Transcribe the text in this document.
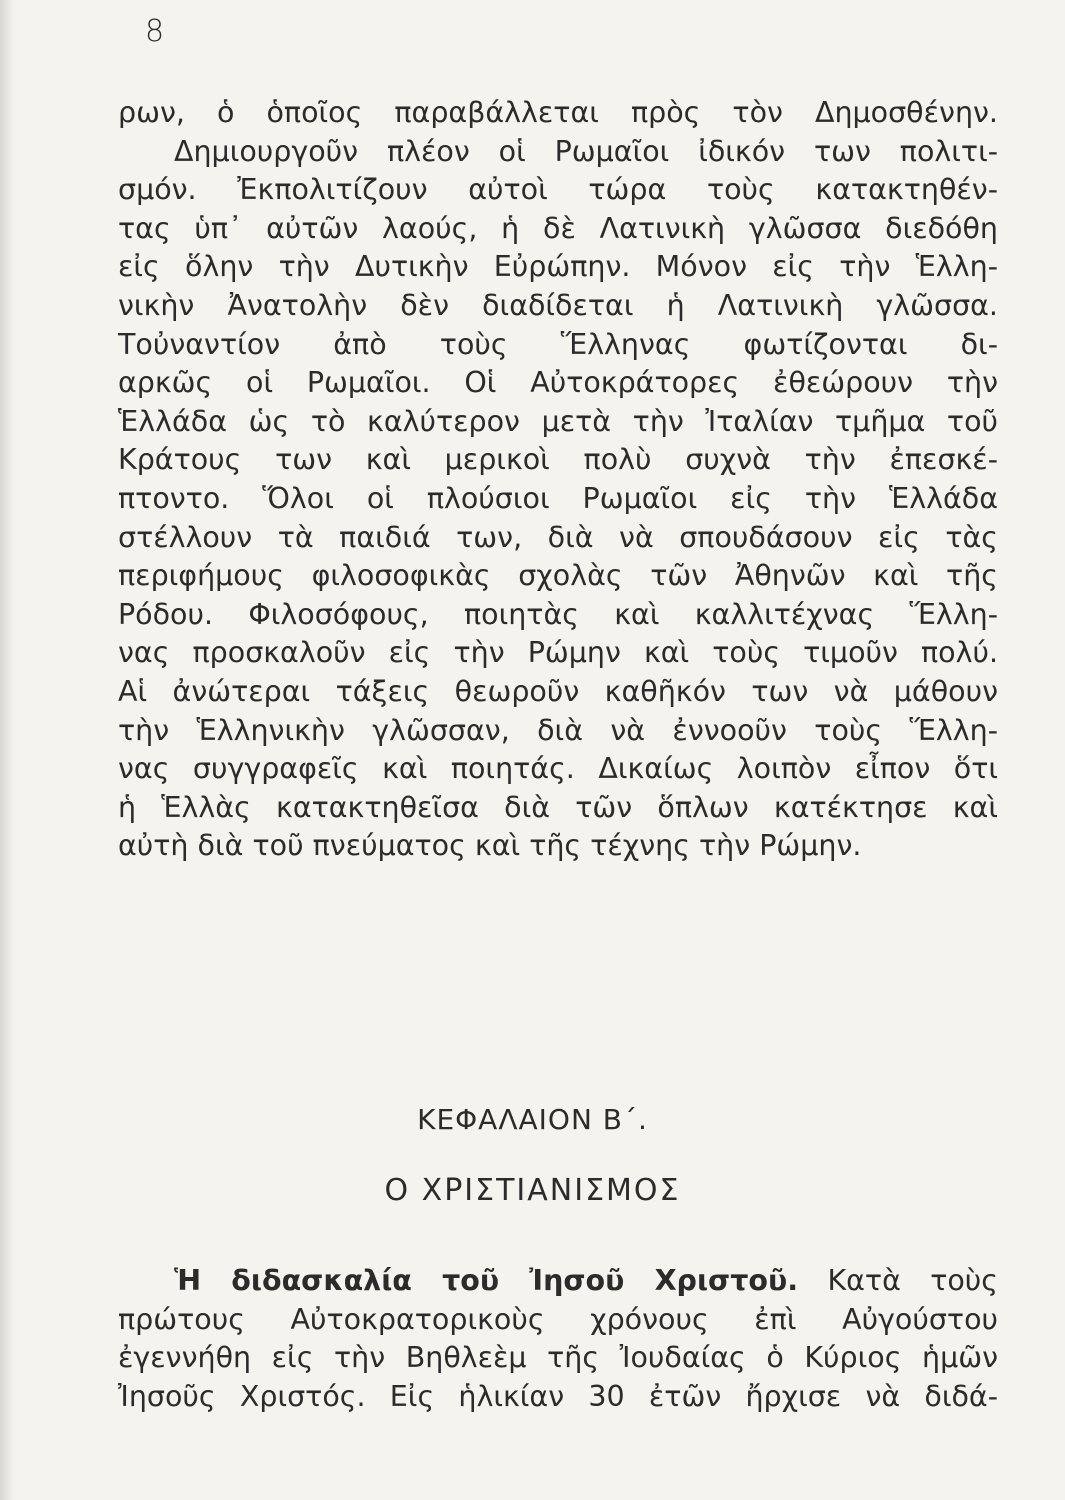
8
ρων, ὁ ὁποῖος παραβάλλεται πρὸς τὸν Δημοσθένην.
Δημιουργοῦν πλέον οἱ Ρωμαῖοι ἰδικόν των πολιτι-
σμόν. Ἐκπολιτίζουν αὐτοὶ τώρα τοὺς κατακτηθέν-
τας ὑπ᾽ αὐτῶν λαούς, ἡ δὲ Λατινικὴ γλῶσσα διεδόθη
εἰς ὅλην τὴν Δυτικὴν Εὐρώπην. Μόνον εἰς τὴν Ἑλλη-
νικὴν Ἀνατολὴν δὲν διαδίδεται ἡ Λατινικὴ γλῶσσα.
Τοὐναντίον ἀπὸ τοὺς Ἕλληνας φωτίζονται δι-
αρκῶς οἱ Ρωμαῖοι. Οἱ Αὐτοκράτορες ἐθεώρουν τὴν
Ἑλλάδα ὡς τὸ καλύτερον μετὰ τὴν Ἰταλίαν τμῆμα τοῦ
Κράτους των καὶ μερικοὶ πολὺ συχνὰ τὴν ἐπεσκέ-
πτοντο. Ὅλοι οἱ πλούσιοι Ρωμαῖοι εἰς τὴν Ἑλλάδα
στέλλουν τὰ παιδιά των, διὰ νὰ σπουδάσουν εἰς τὰς
περιφήμους φιλοσοφικὰς σχολὰς τῶν Ἀθηνῶν καὶ τῆς
Ρόδου. Φιλοσόφους, ποιητὰς καὶ καλλιτέχνας Ἕλλη-
νας προσκαλοῦν εἰς τὴν Ρώμην καὶ τοὺς τιμοῦν πολύ.
Αἱ ἀνώτεραι τάξεις θεωροῦν καθῆκόν των νὰ μάθουν
τὴν Ἑλληνικὴν γλῶσσαν, διὰ νὰ ἐννοοῦν τοὺς Ἕλλη-
νας συγγραφεῖς καὶ ποιητάς. Δικαίως λοιπὸν εἶπον ὅτι
ἡ Ἑλλὰς κατακτηθεῖσα διὰ τῶν ὅπλων κατέκτησε καὶ
αὐτὴ διὰ τοῦ πνεύματος καὶ τῆς τέχνης τὴν Ρώμην.
ΚΕΦΑΛΑΙΟΝ Β΄.
Ο ΧΡΙΣΤΙΑΝΙΣΜΟΣ
Ἡ διδασκαλία τοῦ Ἰησοῦ Χριστοῦ. Κατὰ τοὺς
πρώτους Αὐτοκρατορικοὺς χρόνους ἐπὶ Αὐγούστου
ἐγεννήθη εἰς τὴν Βηθλεὲμ τῆς Ἰουδαίας ὁ Κύριος ἡμῶν
Ἰησοῦς Χριστός. Εἰς ἡλικίαν 30 ἐτῶν ἤρχισε νὰ διδά-
